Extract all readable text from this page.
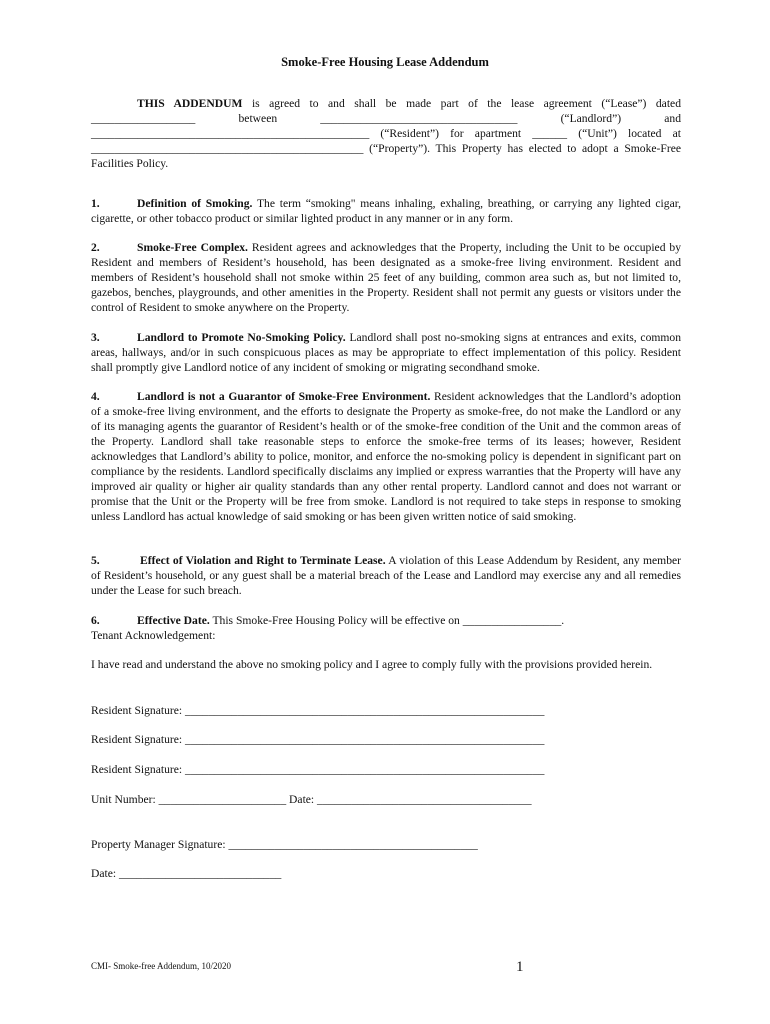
Smoke-Free Housing Lease Addendum

THIS ADDENDUM is agreed to and shall be made part of the lease agreement (“Lease”) dated __________________ between __________________________________ (“Landlord”) and ________________________________________________ (“Resident”) for apartment ______ (“Unit”) located at _______________________________________________ (“Property”). This Property has elected to adopt a Smoke-Free Facilities Policy.

1.	Definition of Smoking. The term “smoking" means inhaling, exhaling, breathing, or carrying any lighted cigar, cigarette, or other tobacco product or similar lighted product in any manner or in any form.

2.	Smoke-Free Complex. Resident agrees and acknowledges that the Property, including the Unit to be occupied by Resident and members of Resident’s household, has been designated as a smoke-free living environment. Resident and members of Resident’s household shall not smoke within 25 feet of any building, common area such as, but not limited to, gazebos, benches, playgrounds, and other amenities in the Property. Resident shall not permit any guests or visitors under the control of Resident to smoke anywhere on the Property.

3.	Landlord to Promote No-Smoking Policy. Landlord shall post no-smoking signs at entrances and exits, common areas, hallways, and/or in such conspicuous places as may be appropriate to effect implementation of this policy. Resident shall promptly give Landlord notice of any incident of smoking or migrating secondhand smoke.

4.	Landlord is not a Guarantor of Smoke-Free Environment. Resident acknowledges that the Landlord’s adoption of a smoke-free living environment, and the efforts to designate the Property as smoke-free, do not make the Landlord or any of its managing agents the guarantor of Resident’s health or of the smoke-free condition of the Unit and the common areas of the Property. Landlord shall take reasonable steps to enforce the smoke-free terms of its leases; however, Resident acknowledges that Landlord’s ability to police, monitor, and enforce the no-smoking policy is dependent in significant part on compliance by the residents. Landlord specifically disclaims any implied or express warranties that the Property will have any improved air quality or higher air quality standards than any other rental property. Landlord cannot and does not warrant or promise that the Unit or the Property will be free from smoke. Landlord is not required to take steps in response to smoking unless Landlord has actual knowledge of said smoking or has been given written notice of said smoking.

5.	Effect of Violation and Right to Terminate Lease. A violation of this Lease Addendum by Resident, any member of Resident’s household, or any guest shall be a material breach of the Lease and Landlord may exercise any and all remedies under the Lease for such breach.

6.	Effective Date. This Smoke-Free Housing Policy will be effective on _________________.

Tenant Acknowledgement:

I have read and understand the above no smoking policy and I agree to comply fully with the provisions provided herein.

Resident Signature: ______________________________________________________________
Resident Signature: ______________________________________________________________
Resident Signature: ______________________________________________________________
Unit Number: ______________________ Date: _____________________________________
Property Manager Signature: ___________________________________________
Date: ____________________________
CMI- Smoke-free Addendum, 10/2020	1
